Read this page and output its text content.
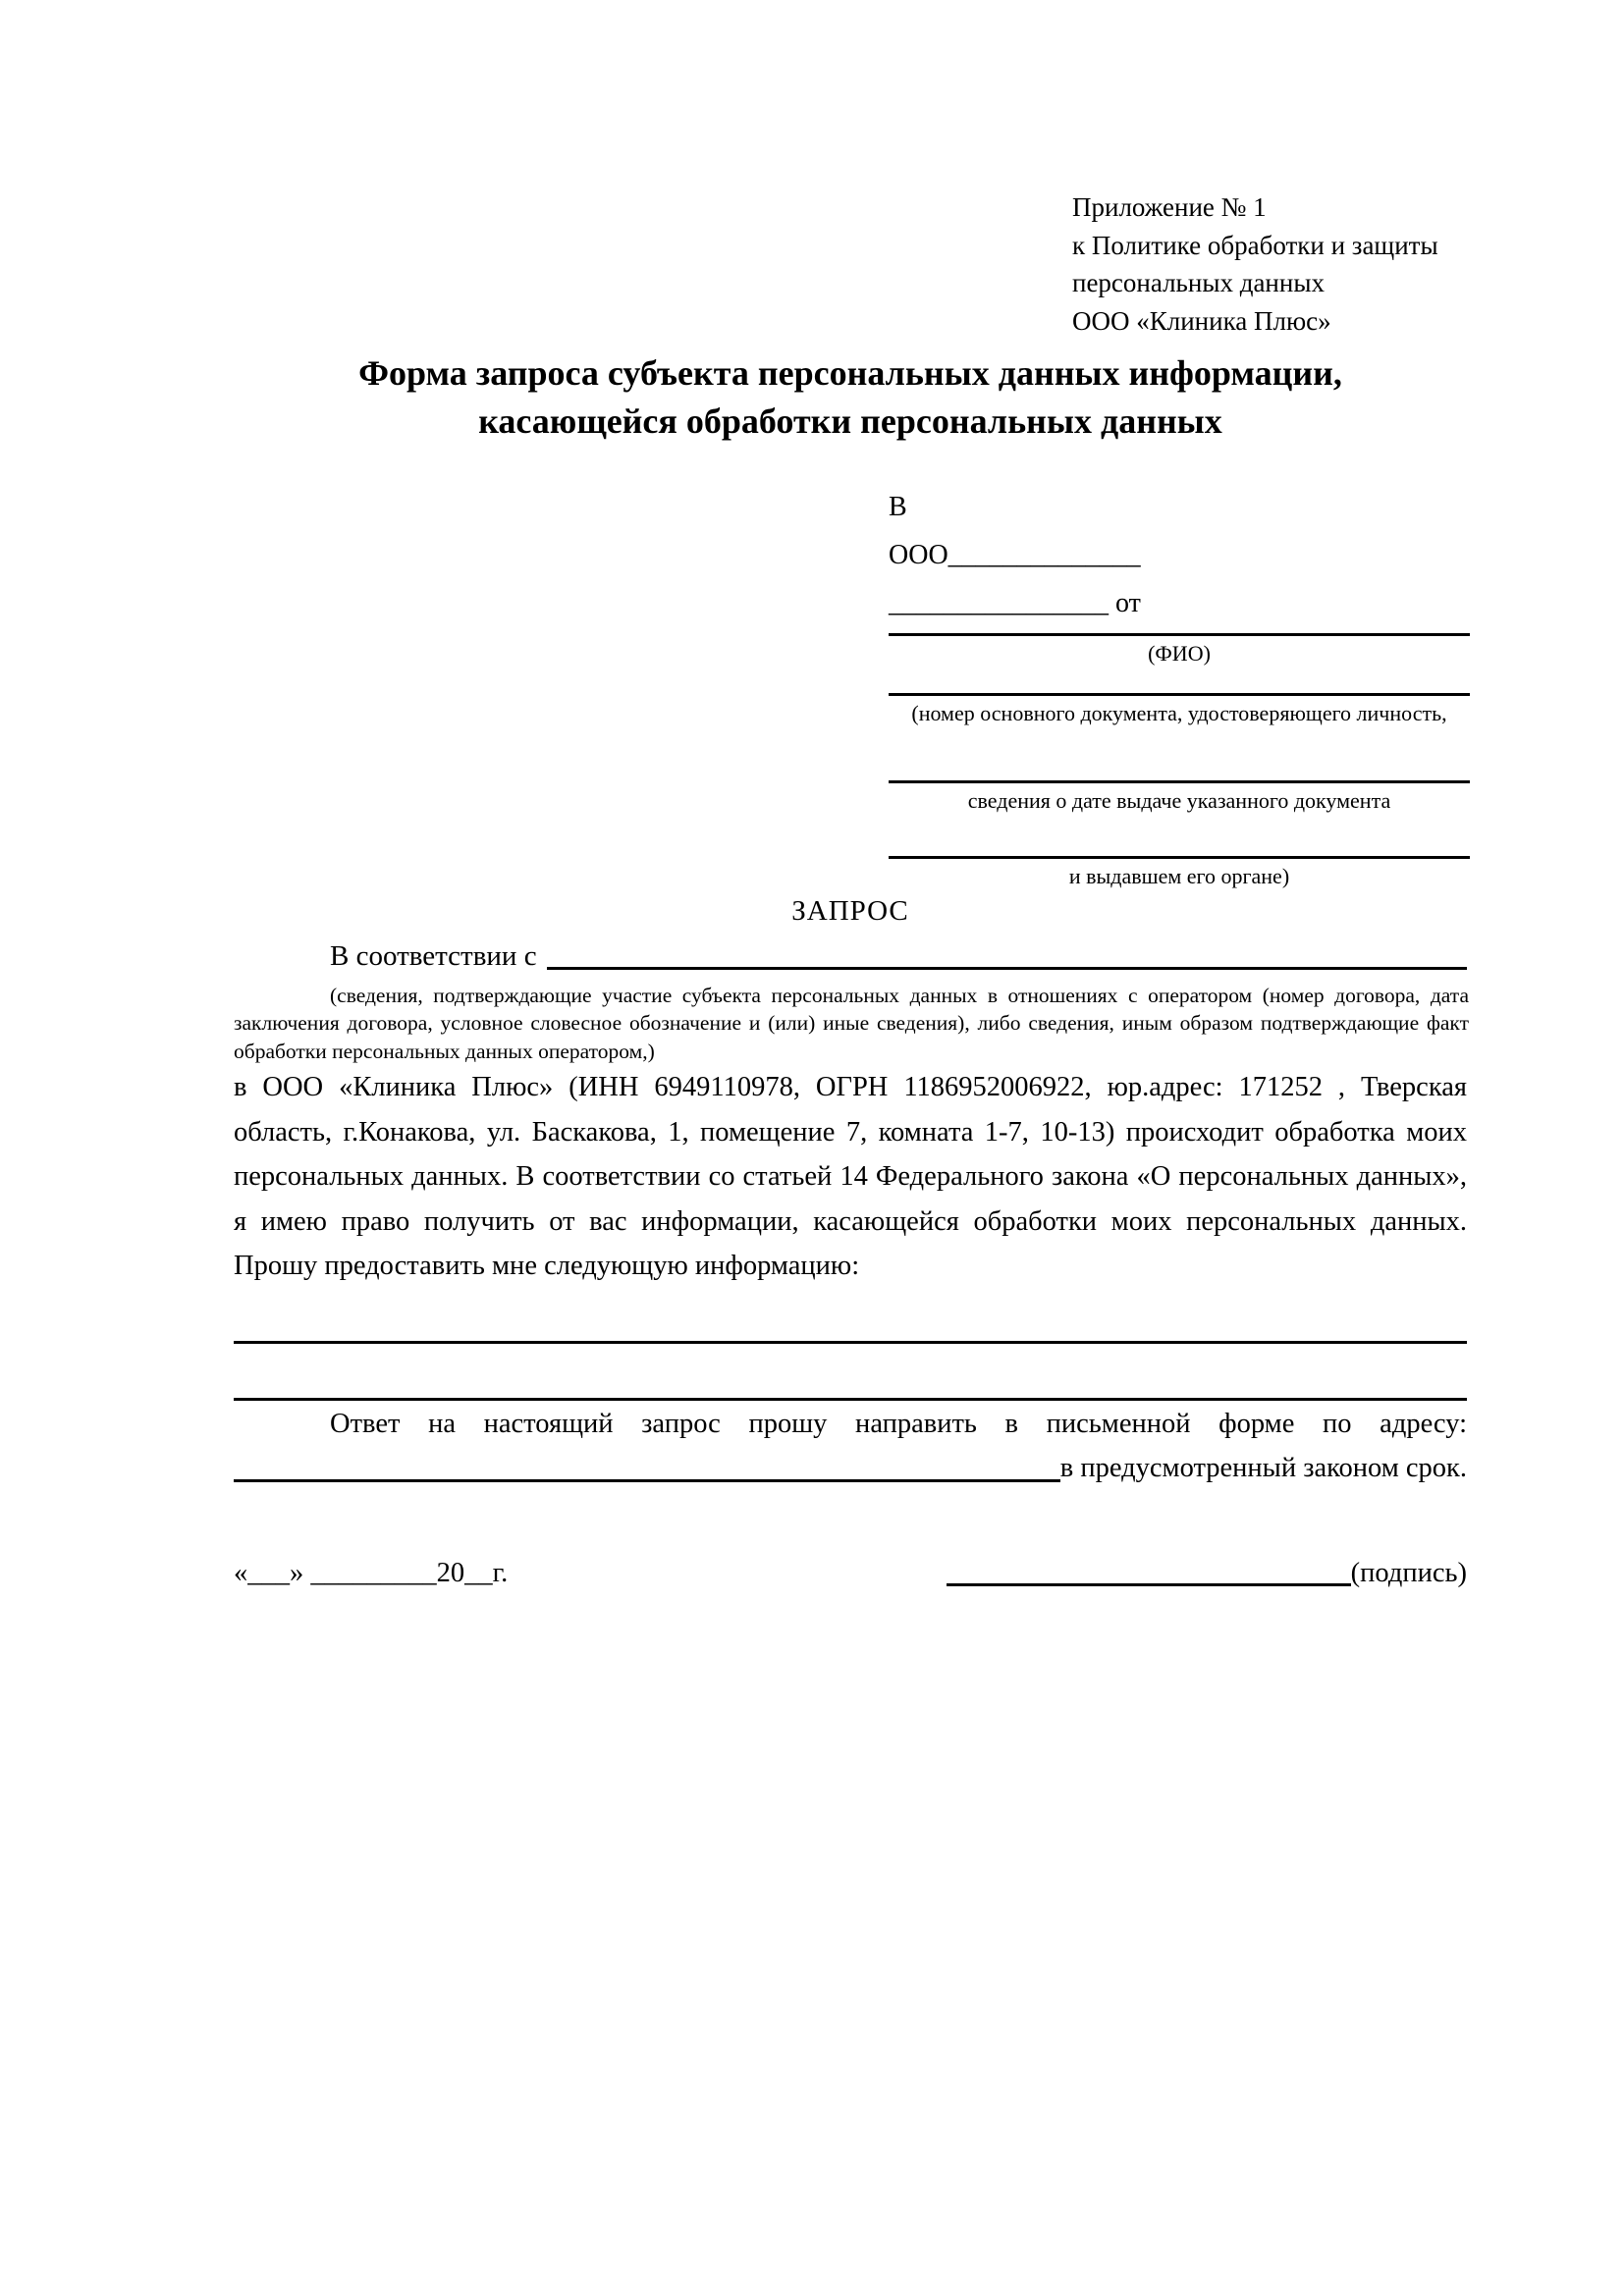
Приложение № 1
к Политике обработки и защиты
персональных данных
ООО «Клиника Плюс»
Форма запроса субъекта персональных данных информации,
касающейся обработки персональных данных
В
ООО______________
________________ от
(ФИО)
(номер основного документа, удостоверяющего личность,
сведения о дате выдаче указанного документа
и выдавшем его органе)
ЗАПРОС
В соответствии с
(сведения, подтверждающие участие субъекта персональных данных в отношениях с оператором (номер договора, дата заключения договора, условное словесное обозначение и (или) иные сведения), либо сведения, иным образом подтверждающие факт обработки персональных данных оператором,)
в ООО «Клиника Плюс» (ИНН 6949110978, ОГРН 1186952006922, юр.адрес: 171252 , Тверская область, г.Конакова, ул. Баскакова, 1, помещение 7, комната 1-7, 10-13) происходит обработка моих персональных данных. В соответствии со статьей 14 Федерального закона «О персональных данных», я имею право получить от вас информации, касающейся обработки моих персональных данных. Прошу предоставить мне следующую информацию:
Ответ на настоящий запрос прошу направить в письменной форме по адресу:
в предусмотренный законом срок.
«___» _________20__г.	(подпись)
